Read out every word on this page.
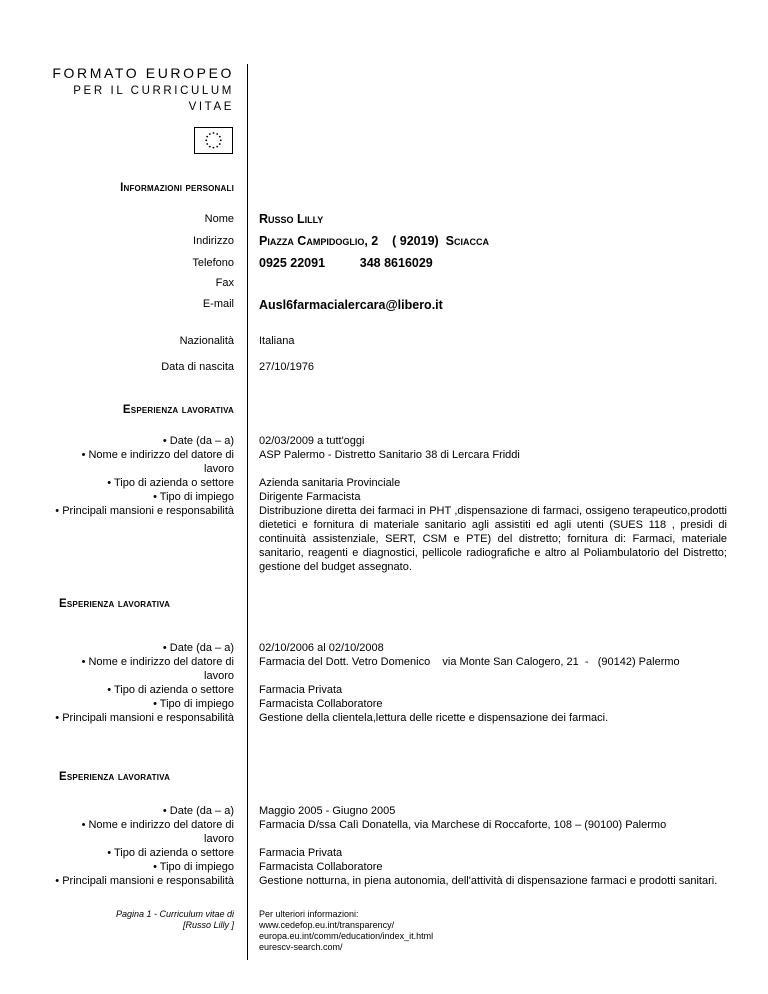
FORMATO EUROPEO
PER IL CURRICULUM
VITAE
Informazioni personali
Nome Russo Lilly
Indirizzo Piazza Campidoglio, 2    ( 92019)  Sciacca
Telefono 0925 22091          348 8616029
Fax
E-mail Ausl6farmacialercara@libero.it
Nazionalità Italiana
Data di nascita 27/10/1976
Esperienza lavorativa
• Date (da – a)
• Nome e indirizzo del datore di
lavoro
• Tipo di azienda o settore
• Tipo di impiego
• Principali mansioni e responsabilità
02/03/2009 a tutt'oggi
ASP Palermo - Distretto Sanitario 38 di Lercara Friddi
Azienda sanitaria Provinciale
Dirigente Farmacista
Distribuzione diretta dei farmaci in PHT ,dispensazione di farmaci, ossigeno terapeutico,prodotti dietetici e fornitura di materiale sanitario agli assistiti ed agli utenti (SUES 118 , presidi di continuità assistenziale, SERT, CSM e PTE) del distretto; fornitura di: Farmaci, materiale sanitario, reagenti e diagnostici, pellicole radiografiche e altro al Poliambulatorio del Distretto; gestione del budget assegnato.
Esperienza lavorativa
• Date (da – a)
• Nome e indirizzo del datore di
lavoro
• Tipo di azienda o settore
• Tipo di impiego
• Principali mansioni e responsabilità
02/10/2006 al 02/10/2008
Farmacia del Dott. Vetro Domenico    via Monte San Calogero, 21  -   (90142) Palermo
Farmacia Privata
Farmacista Collaboratore
Gestione della clientela,lettura delle ricette e dispensazione dei farmaci.
Esperienza lavorativa
• Date (da – a)
• Nome e indirizzo del datore di
lavoro
• Tipo di azienda o settore
• Tipo di impiego
• Principali mansioni e responsabilità
Maggio 2005 - Giugno 2005
Farmacia D/ssa Calì Donatella, via Marchese di Roccaforte, 108 – (90100) Palermo
Farmacia Privata
Farmacista Collaboratore
Gestione notturna, in piena autonomia, dell'attività di dispensazione farmaci e prodotti sanitari.
Pagina 1 - Curriculum vitae di
[Russo Lilly ]
Per ulteriori informazioni:
www.cedefop.eu.int/transparency/
europa.eu.int/comm/education/index_it.html
eurescv-search.com/
